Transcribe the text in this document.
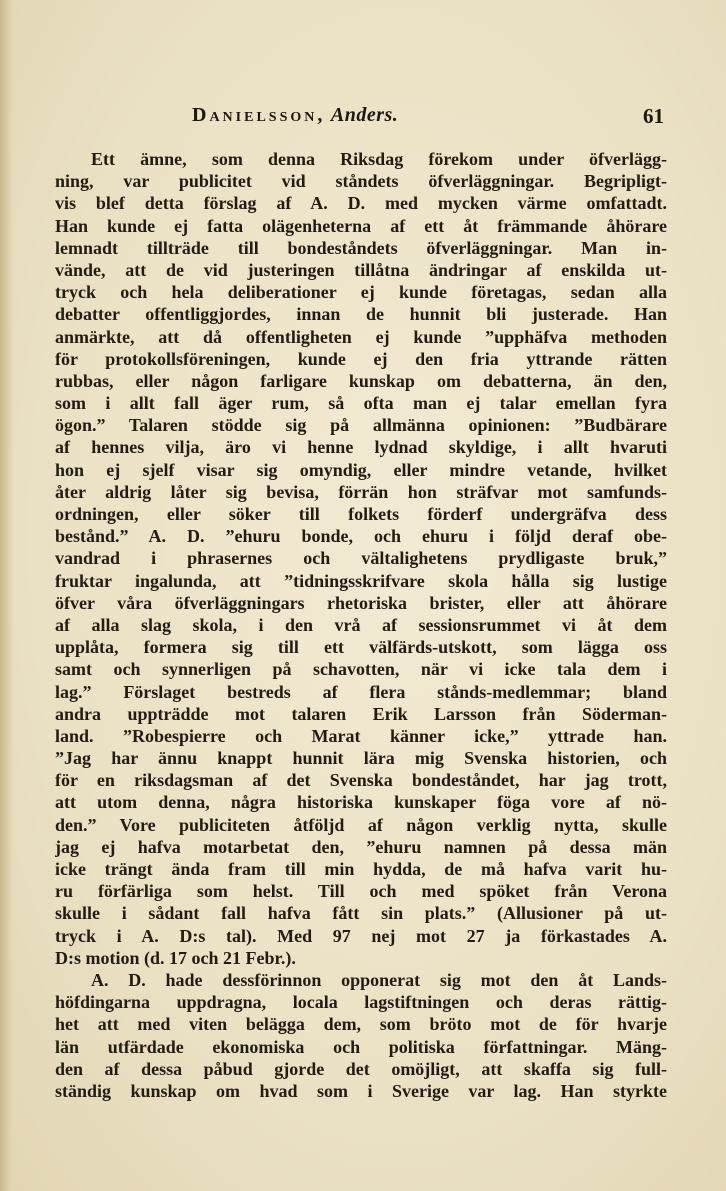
Danielsson, Anders.	61
Ett ämne, som denna Riksdag förekom under öfverlägg-
ning, var publicitet vid ståndets öfverläggningar. Begripligt-
vis blef detta förslag af A. D. med mycken värme omfattadt.
Han kunde ej fatta olägenheterna af ett åt främmande åhörare
lemnadt tillträde till bondeståndets öfverläggningar. Man in-
vände, att de vid justeringen tillåtna ändringar af enskilda ut-
tryck och hela deliberationer ej kunde företagas, sedan alla
debatter offentliggjordes, innan de hunnit bli justerade. Han
anmärkte, att då offentligheten ej kunde ”upphäfva methoden
för protokollsföreningen, kunde ej den fria yttrande rätten
rubbas, eller någon farligare kunskap om debatterna, än den,
som i allt fall äger rum, så ofta man ej talar emellan fyra
ögon.” Talaren stödde sig på allmänna opinionen: ”Budbärare
af hennes vilja, äro vi henne lydnad skyldige, i allt hvaruti
hon ej sjelf visar sig omyndig, eller mindre vetande, hvilket
åter aldrig låter sig bevisa, förrän hon sträfvar mot samfunds-
ordningen, eller söker till folkets förderf undergräfva dess
bestånd.” A. D. ”ehuru bonde, och ehuru i följd deraf obe-
vandrad i phrasernes och vältalighetens prydligaste bruk,”
fruktar ingalunda, att ”tidningsskrifvare skola hålla sig lustige
öfver våra öfverläggningars rhetoriska brister, eller att åhörare
af alla slag skola, i den vrå af sessionsrummet vi åt dem
upplåta, formera sig till ett välfärds-utskott, som lägga oss
samt och synnerligen på schavotten, när vi icke tala dem i
lag.” Förslaget bestreds af flera stånds-medlemmar; bland
andra uppträdde mot talaren Erik Larsson från Söderman-
land. ”Robespierre och Marat känner icke,” yttrade han.
”Jag har ännu knappt hunnit lära mig Svenska historien, och
för en riksdagsman af det Svenska bondeståndet, har jag trott,
att utom denna, några historiska kunskaper föga vore af nö-
den.” Vore publiciteten åtföljd af någon verklig nytta, skulle
jag ej hafva motarbetat den, ”ehuru namnen på dessa män
icke trängt ända fram till min hydda, de må hafva varit hu-
ru förfärliga som helst. Till och med spöket från Verona
skulle i sådant fall hafva fått sin plats.” (Allusioner på ut-
tryck i A. D:s tal). Med 97 nej mot 27 ja förkastades A.
D:s motion (d. 17 och 21 Febr.).
A. D. hade dessförinnon opponerat sig mot den åt Lands-
höfdingarna uppdragna, locala lagstiftningen och deras rättig-
het att med viten belägga dem, som bröto mot de för hvarje
län utfärdade ekonomiska och politiska författningar. Mäng-
den af dessa påbud gjorde det omöjligt, att skaffa sig full-
ständig kunskap om hvad som i Sverige var lag. Han styrkte
